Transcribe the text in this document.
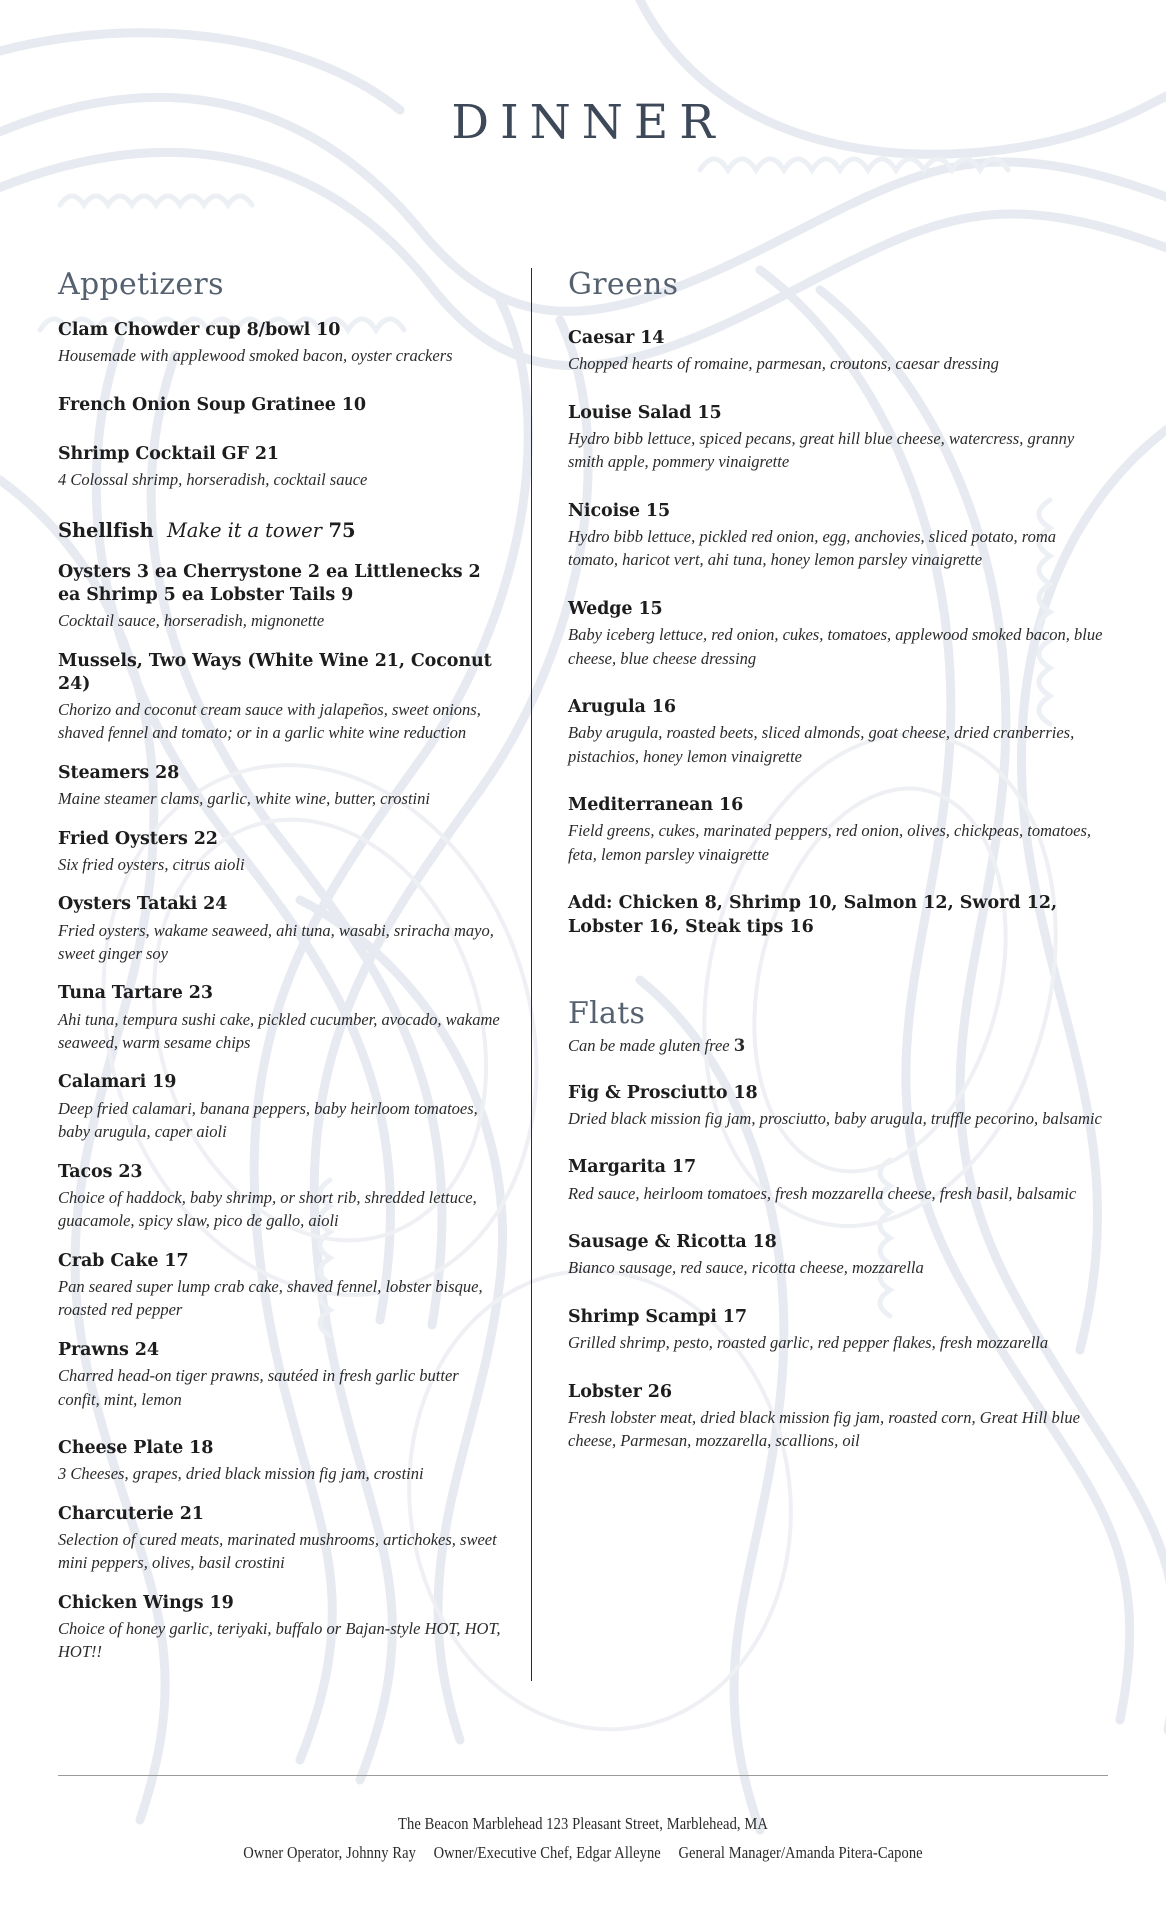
DINNER
Appetizers
Clam Chowder cup 8/bowl 10
Housemade with applewood smoked bacon, oyster crackers
French Onion Soup Gratinee 10
Shrimp Cocktail GF 21
4 Colossal shrimp, horseradish, cocktail sauce
Shellfish Make it a tower 75
Oysters 3 ea Cherrystone 2 ea Littlenecks 2 ea Shrimp 5 ea Lobster Tails 9
Cocktail sauce, horseradish, mignonette
Mussels, Two Ways (White Wine 21, Coconut 24)
Chorizo and coconut cream sauce with jalapeños, sweet onions, shaved fennel and tomato; or in a garlic white wine reduction
Steamers 28
Maine steamer clams, garlic, white wine, butter, crostini
Fried Oysters 22
Six fried oysters, citrus aioli
Oysters Tataki 24
Fried oysters, wakame seaweed, ahi tuna, wasabi, sriracha mayo, sweet ginger soy
Tuna Tartare 23
Ahi tuna, tempura sushi cake, pickled cucumber, avocado, wakame seaweed, warm sesame chips
Calamari 19
Deep fried calamari, banana peppers, baby heirloom tomatoes, baby arugula, caper aioli
Tacos 23
Choice of haddock, baby shrimp, or short rib, shredded lettuce, guacamole, spicy slaw, pico de gallo, aioli
Crab Cake 17
Pan seared super lump crab cake, shaved fennel, lobster bisque, roasted red pepper
Prawns 24
Charred head-on tiger prawns, sautéed in fresh garlic butter confit, mint, lemon
Cheese Plate 18
3 Cheeses, grapes, dried black mission fig jam, crostini
Charcuterie 21
Selection of cured meats, marinated mushrooms, artichokes, sweet mini peppers, olives, basil crostini
Chicken Wings 19
Choice of honey garlic, teriyaki, buffalo or Bajan-style HOT, HOT, HOT!!
Greens
Caesar 14
Chopped hearts of romaine, parmesan, croutons, caesar dressing
Louise Salad 15
Hydro bibb lettuce, spiced pecans, great hill blue cheese, watercress, granny smith apple, pommery vinaigrette
Nicoise 15
Hydro bibb lettuce, pickled red onion, egg, anchovies, sliced potato, roma tomato, haricot vert, ahi tuna, honey lemon parsley vinaigrette
Wedge 15
Baby iceberg lettuce, red onion, cukes, tomatoes, applewood smoked bacon, blue cheese, blue cheese dressing
Arugula 16
Baby arugula, roasted beets, sliced almonds, goat cheese, dried cranberries, pistachios, honey lemon vinaigrette
Mediterranean 16
Field greens, cukes, marinated peppers, red onion, olives, chickpeas, tomatoes, feta, lemon parsley vinaigrette
Add: Chicken 8, Shrimp 10, Salmon 12, Sword 12, Lobster 16, Steak tips 16
Flats
Can be made gluten free 3
Fig & Prosciutto 18
Dried black mission fig jam, prosciutto, baby arugula, truffle pecorino, balsamic
Margarita 17
Red sauce, heirloom tomatoes, fresh mozzarella cheese, fresh basil, balsamic
Sausage & Ricotta 18
Bianco sausage, red sauce, ricotta cheese, mozzarella
Shrimp Scampi 17
Grilled shrimp, pesto, roasted garlic, red pepper flakes, fresh mozzarella
Lobster 26
Fresh lobster meat, dried black mission fig jam, roasted corn, Great Hill blue cheese, Parmesan, mozzarella, scallions, oil
The Beacon Marblehead 123 Pleasant Street, Marblehead, MA
Owner Operator, Johnny Ray Owner/Executive Chef, Edgar Alleyne General Manager/Amanda Pitera-Capone
